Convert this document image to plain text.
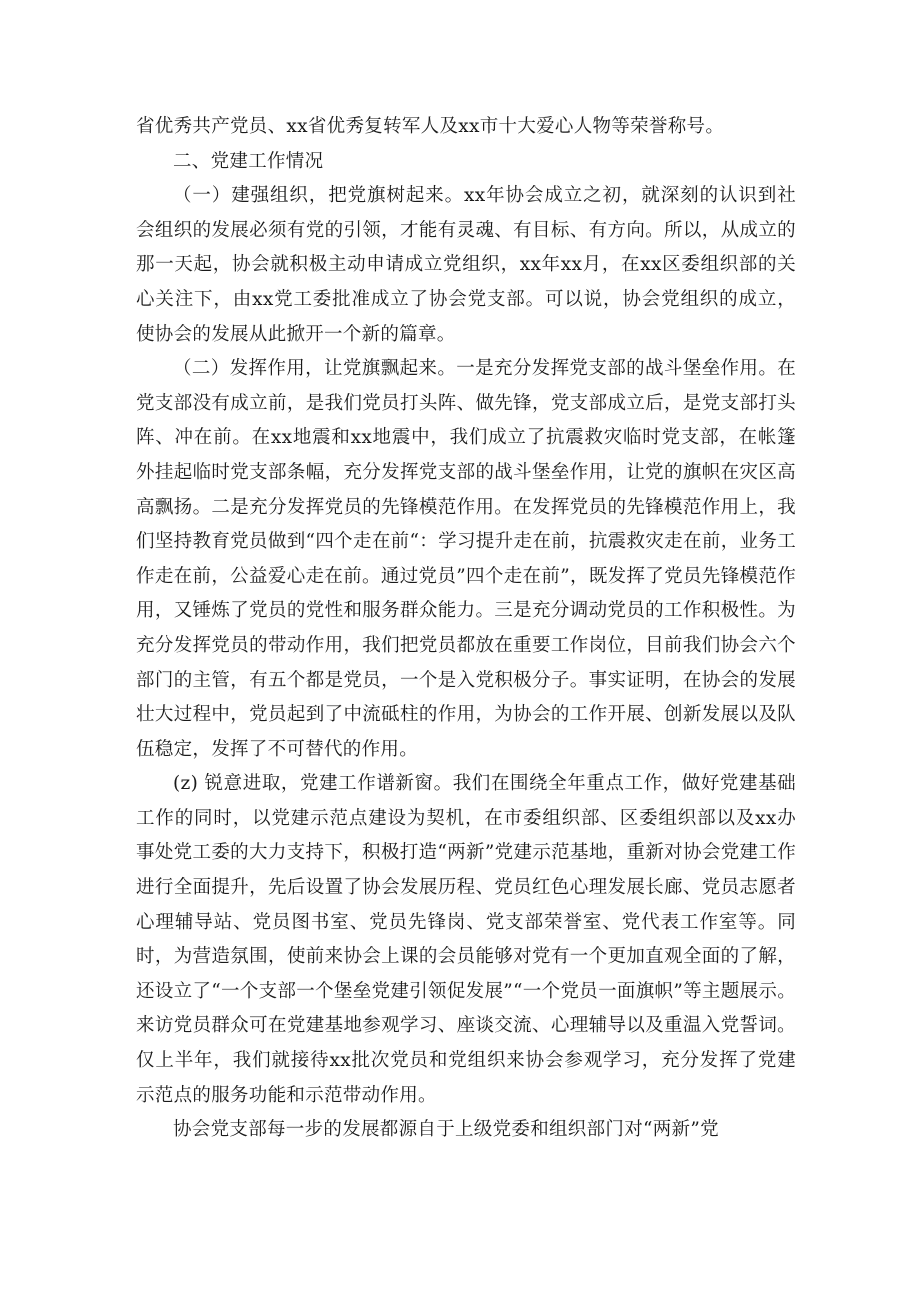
省优秀共产党员、xx省优秀复转军人及xx市十大爱心人物等荣誉称号。

二、党建工作情况

（一）建强组织，把党旗树起来。xx年协会成立之初，就深刻的认识到社会组织的发展必须有党的引领，才能有灵魂、有目标、有方向。所以，从成立的那一天起，协会就积极主动申请成立党组织，xx年xx月，在xx区委组织部的关心关注下，由xx党工委批准成立了协会党支部。可以说，协会党组织的成立，使协会的发展从此掀开一个新的篇章。

（二）发挥作用，让党旗飘起来。一是充分发挥党支部的战斗堡垒作用。在党支部没有成立前，是我们党员打头阵、做先锋，党支部成立后，是党支部打头阵、冲在前。在xx地震和xx地震中，我们成立了抗震救灾临时党支部，在帐篷外挂起临时党支部条幅，充分发挥党支部的战斗堡垒作用，让党的旗帜在灾区高高飘扬。二是充分发挥党员的先锋模范作用。在发挥党员的先锋模范作用上，我们坚持教育党员做到“四个走在前“：学习提升走在前，抗震救灾走在前，业务工作走在前，公益爱心走在前。通过党员”四个走在前”，既发挥了党员先锋模范作用，又锤炼了党员的党性和服务群众能力。三是充分调动党员的工作积极性。为充分发挥党员的带动作用，我们把党员都放在重要工作岗位，目前我们协会六个部门的主管，有五个都是党员，一个是入党积极分子。事实证明，在协会的发展壮大过程中，党员起到了中流砥柱的作用，为协会的工作开展、创新发展以及队伍稳定，发挥了不可替代的作用。

(z) 锐意进取，党建工作谱新窗。我们在围绕全年重点工作，做好党建基础工作的同时，以党建示范点建设为契机，在市委组织部、区委组织部以及xx办事处党工委的大力支持下，积极打造“两新”党建示范基地，重新对协会党建工作进行全面提升，先后设置了协会发展历程、党员红色心理发展长廊、党员志愿者心理辅导站、党员图书室、党员先锋岗、党支部荣誉室、党代表工作室等。同时，为营造氛围，使前来协会上课的会员能够对党有一个更加直观全面的了解，还设立了“一个支部一个堡垒党建引领促发展”“一个党员一面旗帜”等主题展示。来访党员群众可在党建基地参观学习、座谈交流、心理辅导以及重温入党誓词。仅上半年，我们就接待xx批次党员和党组织来协会参观学习，充分发挥了党建示范点的服务功能和示范带动作用。

协会党支部每一步的发展都源自于上级党委和组织部门对“两新”党
